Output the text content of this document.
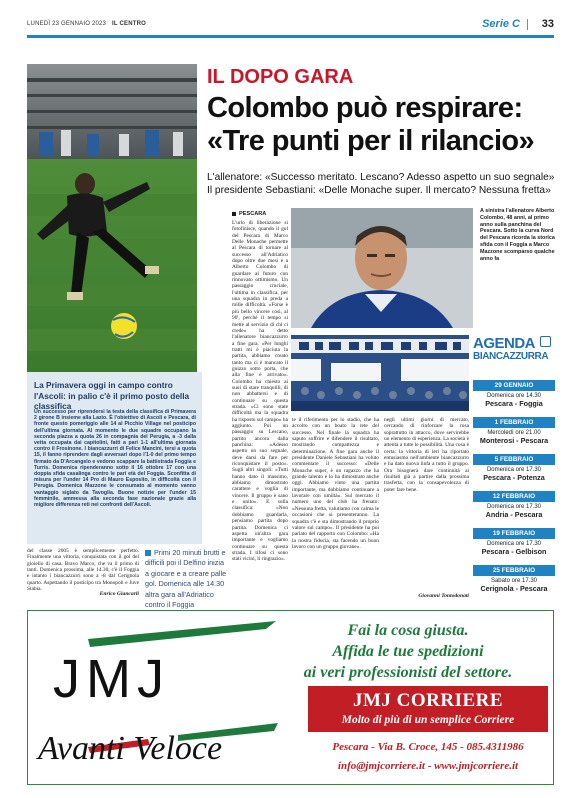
LUNEDÌ 23 GENNAIO 2023 IL CENTRO	Serie C 33
IL DOPO GARA
Colombo può respirare:
«Tre punti per il rilancio»
L'allenatore: «Successo meritato. Lescano? Adesso aspetto un suo segnale»
Il presidente Sebastiani: «Delle Monache super. Il mercato? Nessuna fretta»
PESCARA
L'urlo di liberazione si fotofinisce, quando il gol del Pescara di Marco Delle Monache permette al Pescara di tornare al successo all'Adriatico dopo oltre due mesi e a Alberto Colombo di guardare al futuro con rinnovato ottimismo. Un passaggio cruciale, l'ultima in classifica, per una squadra in preda a mille difficoltà. «Forse è più bello vincere così, al 90', perché il tempo si mette al servizio di chi ci crede» ha detto l'allenatore biancazzurro a fine gara. «Per lunghi tratti mi è piaciuta la partita, abbiamo creato tanto ma ci è mancato il guizzo sotto porta, che alla fine è arrivato». Colombo ha chiesto ai suoi di stare tranquilli, di non abbattersi e di continuare su questa strada. «Ci sono state difficoltà ma la squadra ha risposto sul campo» ha aggiunto. Poi un passaggio su Lescano, partito ancora dalla panchina: «Adesso aspetto un suo segnale, deve darsi da fare per riconquistare il posto». Sugli altri singoli: «Tutti hanno dato il massimo, abbiamo dimostrato carattere e voglia di vincere. Il gruppo è sano e unito». E sulla classifica: «Non dobbiamo guardarla, pensiamo partita dopo partita. Domenica ci aspetta un'altra gara importante e vogliamo continuare su questa strada. I tifosi ci sono stati vicini, li ringrazio».
A sinistra l'allenatore Alberto Colombo, 48 anni, al primo anno sulla panchina del Pescara. Sotto la curva Nord del Pescara ricorda la storica sfida con il Foggia a Marco Mazzone scomparso qualche anno fa
te il riferimento per lo stadio, che ha accolto con un boato la rete del successo. Nel finale la squadra ha saputo soffrire e difendere il risultato, mostrando compattezza e determinazione. A fine gara anche il presidente Daniele Sebastiani ha voluto commentare il successo: «Delle Monache super, è un ragazzo che ha grande talento e lo ha dimostrato anche oggi. Abbiamo vinto una partita importante, ma dobbiamo continuare a lavorare con umiltà». Sul mercato il numero uno del club ha frenato: «Nessuna fretta, valutiamo con calma le occasioni che si presenteranno. La squadra c'è e sta dimostrando il proprio valore sul campo». Il presidente ha poi parlato del rapporto con Colombo: «Ha la nostra fiducia, sta facendo un buon lavoro con un gruppo giovane».
negli ultimi giorni di mercato, cercando di rinforzare la rosa soprattutto in attacco, dove servirebbe un elemento di esperienza. La società è attenta a tutte le possibilità. Una cosa è certa: la vittoria di ieri ha riportato entusiasmo nell'ambiente biancazzurro e ha dato nuova linfa a tutto il gruppo. Ora bisognerà dare continuità ai risultati già a partire dalla prossima trasferta, con la consapevolezza di poter fare bene.
Giovanni Tontodonati
AGENDA
BIANCAZZURRA
29 GENNAIO
Domenica ore 14.30
Pescara - Foggia
1 FEBBRAIO
Mercoledì ore 21.00
Monterosi - Pescara
5 FEBBRAIO
Domenica ore 17.30
Pescara - Potenza
12 FEBBRAIO
Domenica ore 17.30
Andria - Pescara
19 FEBBRAIO
Domenica ore 17.30
Pescara - Gelbison
25 FEBBRAIO
Sabato ore 17.30
Cerignola - Pescara
La Primavera oggi in campo contro l'Ascoli: in palio c'è il primo posto della classifica
Un successo per riprendersi la testa della classifica di Primavera 2 girone B insieme alla Lazio. È l'obiettivo di Ascoli e Pescara, di fronte questo pomeriggio alle 14 al Picchio Village nel posticipo dell'ultima giornata. Al momento le due squadre occupano la seconda piazza a quota 26 in compagnia del Perugia, a -3 dalla vetta occupata dai capitolini, fatti a pari 1-1 all'ultima giornata contro il Frosinone. I biancazzurri di Felice Mancini, tersi a quota 15, il fanno riprendere dagli avversari dopo l'1-0 del primo tempo firmato da D'Arcangelo e vedono scappare la battistrada Foggia e Turris. Domenica ripenderanno sotto il 16 ottobre 17 con una doppia sfida casalinga contro le pari età del Foggia. Sconfitta di misura per l'under 14 Pro di Mauro Esposito, in difficoltà con il Perugia. Domenica Mazzone le consumato al momento vanno vantaggio siglato da Tavoglia. Buone notizie per l'under 15 femminile, ammessa alla seconda fase nazionale grazie alla migliore differenza reti nei confronti dell'Ascoli.
del classe 2005 è semplicemente perfetto. Finalmente una vittoria, conquistata con il gol del gioiello di casa. Bravo Marco, che va il primo di tanti. Domenica prossima, alle 14.30, c'è il Foggia e intanto i biancazzurri sono a -8 dal Cerignola quarto. Aspettando il posticipo tra Monopoli e Juve Stabia.
Enrico Giancarli
Primi 20 minuti brutti e difficili poi il Delfino inizia a giocare e a creare palle gol. Domenica alle 14.30 altra gara all'Adriatico contro il Foggia
JMJ
Avanti Veloce
Fai la cosa giusta.
Affida le tue spedizioni
ai veri professionisti del settore.
JMJ CORRIERE
Molto di più di un semplice Corriere
Pescara - Via B. Croce, 145 - 085.4311986
info@jmjcorriere.it - www.jmjcorriere.it
